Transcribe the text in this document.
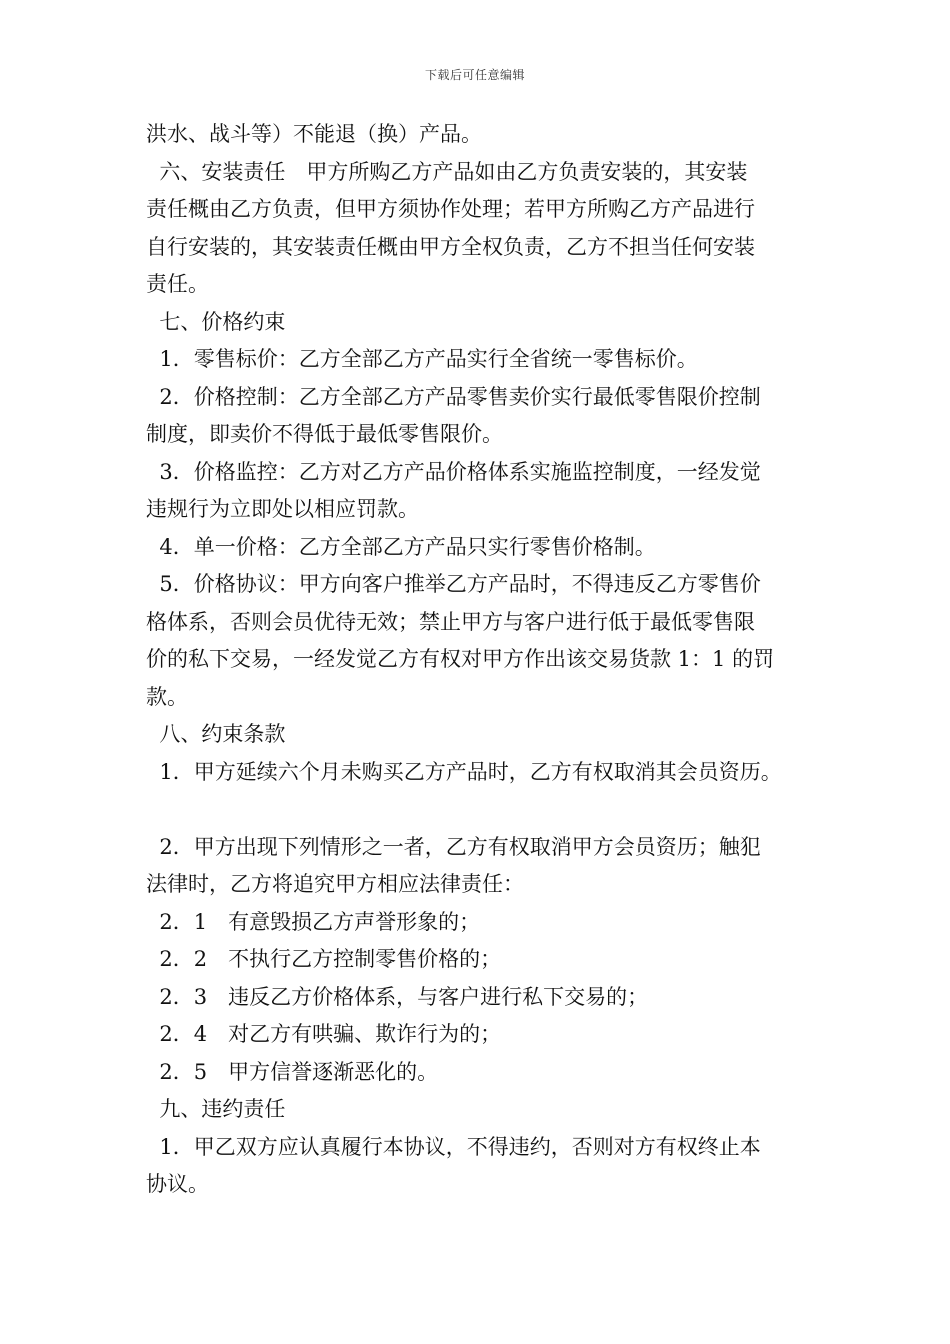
下载后可任意编辑
洪水、战斗等）不能退（换）产品。
六、安装责任　甲方所购乙方产品如由乙方负责安装的，其安装
责任概由乙方负责，但甲方须协作处理；若甲方所购乙方产品进行
自行安装的，其安装责任概由甲方全权负责，乙方不担当任何安装
责任。
七、价格约束
1．零售标价：乙方全部乙方产品实行全省统一零售标价。
2．价格控制：乙方全部乙方产品零售卖价实行最低零售限价控制
制度，即卖价不得低于最低零售限价。
3．价格监控：乙方对乙方产品价格体系实施监控制度，一经发觉
违规行为立即处以相应罚款。
4．单一价格：乙方全部乙方产品只实行零售价格制。
5．价格协议：甲方向客户推举乙方产品时，不得违反乙方零售价
格体系，否则会员优待无效；禁止甲方与客户进行低于最低零售限
价的私下交易，一经发觉乙方有权对甲方作出该交易货款 1：1 的罚
款。
八、约束条款
1．甲方延续六个月未购买乙方产品时，乙方有权取消其会员资历。
2．甲方出现下列情形之一者，乙方有权取消甲方会员资历；触犯
法律时，乙方将追究甲方相应法律责任：
2．1　有意毁损乙方声誉形象的；
2．2　不执行乙方控制零售价格的；
2．3　违反乙方价格体系，与客户进行私下交易的；
2．4　对乙方有哄骗、欺诈行为的；
2．5　甲方信誉逐渐恶化的。
九、违约责任
1．甲乙双方应认真履行本协议，不得违约，否则对方有权终止本
协议。
